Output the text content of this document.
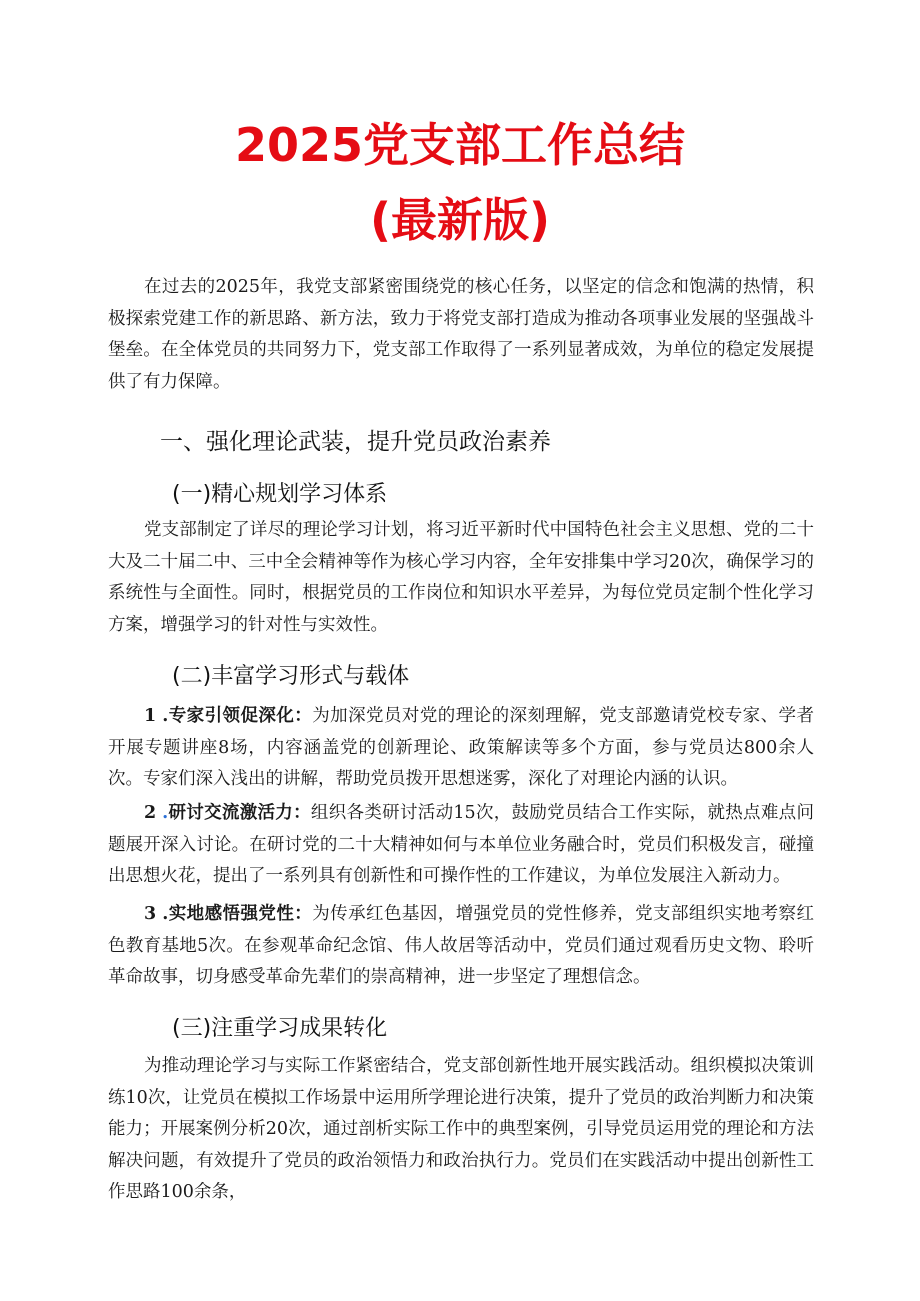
2025党支部工作总结
(最新版)

在过去的2025年，我党支部紧密围绕党的核心任务，以坚定的信念和饱满的热情，积极探索党建工作的新思路、新方法，致力于将党支部打造成为推动各项事业发展的坚强战斗堡垒。在全体党员的共同努力下，党支部工作取得了一系列显著成效，为单位的稳定发展提供了有力保障。

一、强化理论武装，提升党员政治素养
(一)精心规划学习体系

党支部制定了详尽的理论学习计划，将习近平新时代中国特色社会主义思想、党的二十大及二十届二中、三中全会精神等作为核心学习内容，全年安排集中学习20次，确保学习的系统性与全面性。同时，根据党员的工作岗位和知识水平差异，为每位党员定制个性化学习方案，增强学习的针对性与实效性。

(二)丰富学习形式与载体

1 .专家引领促深化：为加深党员对党的理论的深刻理解，党支部邀请党校专家、学者开展专题讲座8场，内容涵盖党的创新理论、政策解读等多个方面，参与党员达800余人次。专家们深入浅出的讲解，帮助党员拨开思想迷雾，深化了对理论内涵的认识。

2 .研讨交流激活力：组织各类研讨活动15次，鼓励党员结合工作实际，就热点难点问题展开深入讨论。在研讨党的二十大精神如何与本单位业务融合时，党员们积极发言，碰撞出思想火花，提出了一系列具有创新性和可操作性的工作建议，为单位发展注入新动力。

3 .实地感悟强党性：为传承红色基因，增强党员的党性修养，党支部组织实地考察红色教育基地5次。在参观革命纪念馆、伟人故居等活动中，党员们通过观看历史文物、聆听革命故事，切身感受革命先辈们的崇高精神，进一步坚定了理想信念。

(三)注重学习成果转化

为推动理论学习与实际工作紧密结合，党支部创新性地开展实践活动。组织模拟决策训练10次，让党员在模拟工作场景中运用所学理论进行决策，提升了党员的政治判断力和决策能力；开展案例分析20次，通过剖析实际工作中的典型案例，引导党员运用党的理论和方法解决问题，有效提升了党员的政治领悟力和政治执行力。党员们在实践活动中提出创新性工作思路100余条，
